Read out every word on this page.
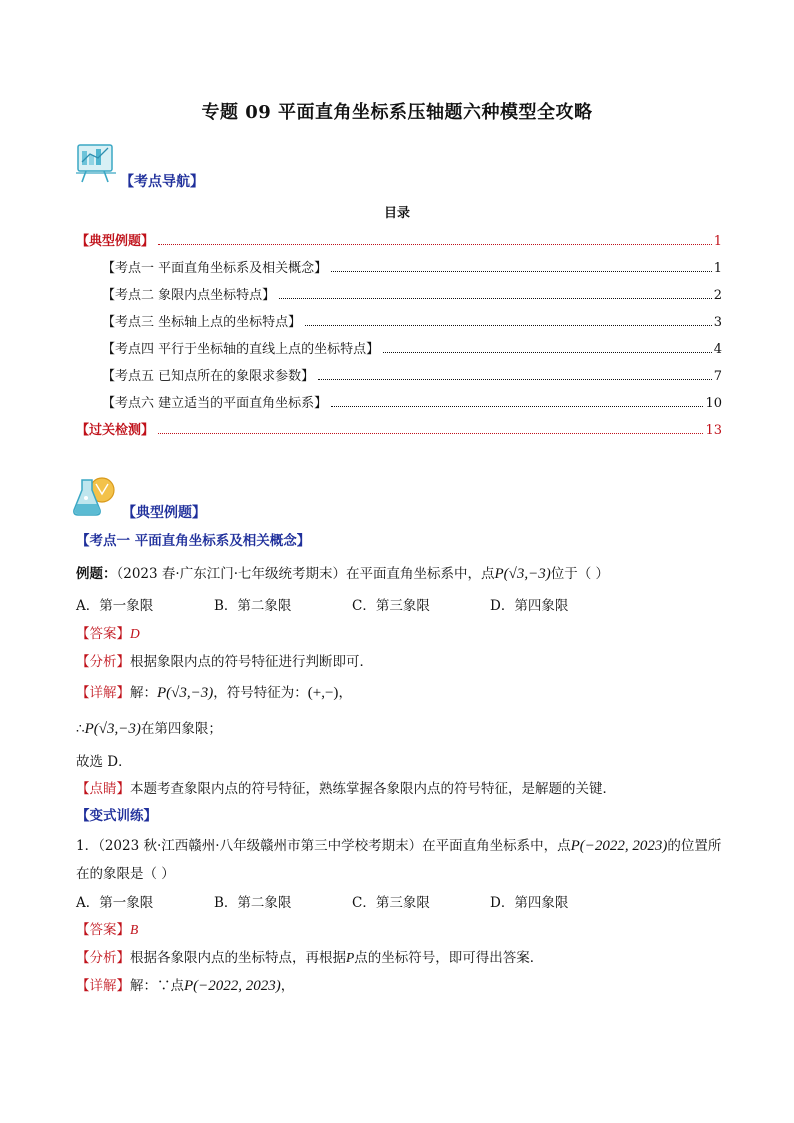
专题 09 平面直角坐标系压轴题六种模型全攻略
【考点导航】
目录
【典型例题】	1
【考点一 平面直角坐标系及相关概念】	1
【考点二 象限内点坐标特点】	2
【考点三 坐标轴上点的坐标特点】	3
【考点四 平行于坐标轴的直线上点的坐标特点】	4
【考点五 已知点所在的象限求参数】	7
【考点六 建立适当的平面直角坐标系】	10
【过关检测】	13
【典型例题】
【考点一 平面直角坐标系及相关概念】
例题：（2023 春·广东江门·七年级统考期末）在平面直角坐标系中，点P(√3,−3)位于（ ）
A．第一象限	B．第二象限	C．第三象限	D．第四象限
【答案】D
【分析】根据象限内点的符号特征进行判断即可．
【详解】解：P(√3,−3)，符号特征为：(+,−)，
∴P(√3,−3)在第四象限；
故选 D．
【点睛】本题考查象限内点的符号特征，熟练掌握各象限内点的符号特征，是解题的关键．
【变式训练】
1．（2023 秋·江西赣州·八年级赣州市第三中学校考期末）在平面直角坐标系中，点P(−2022, 2023)的位置所
在的象限是（ ）
A．第一象限	B．第二象限	C．第三象限	D．第四象限
【答案】B
【分析】根据各象限内点的坐标特点，再根据P点的坐标符号，即可得出答案．
【详解】解：∵点P(−2022, 2023)，
